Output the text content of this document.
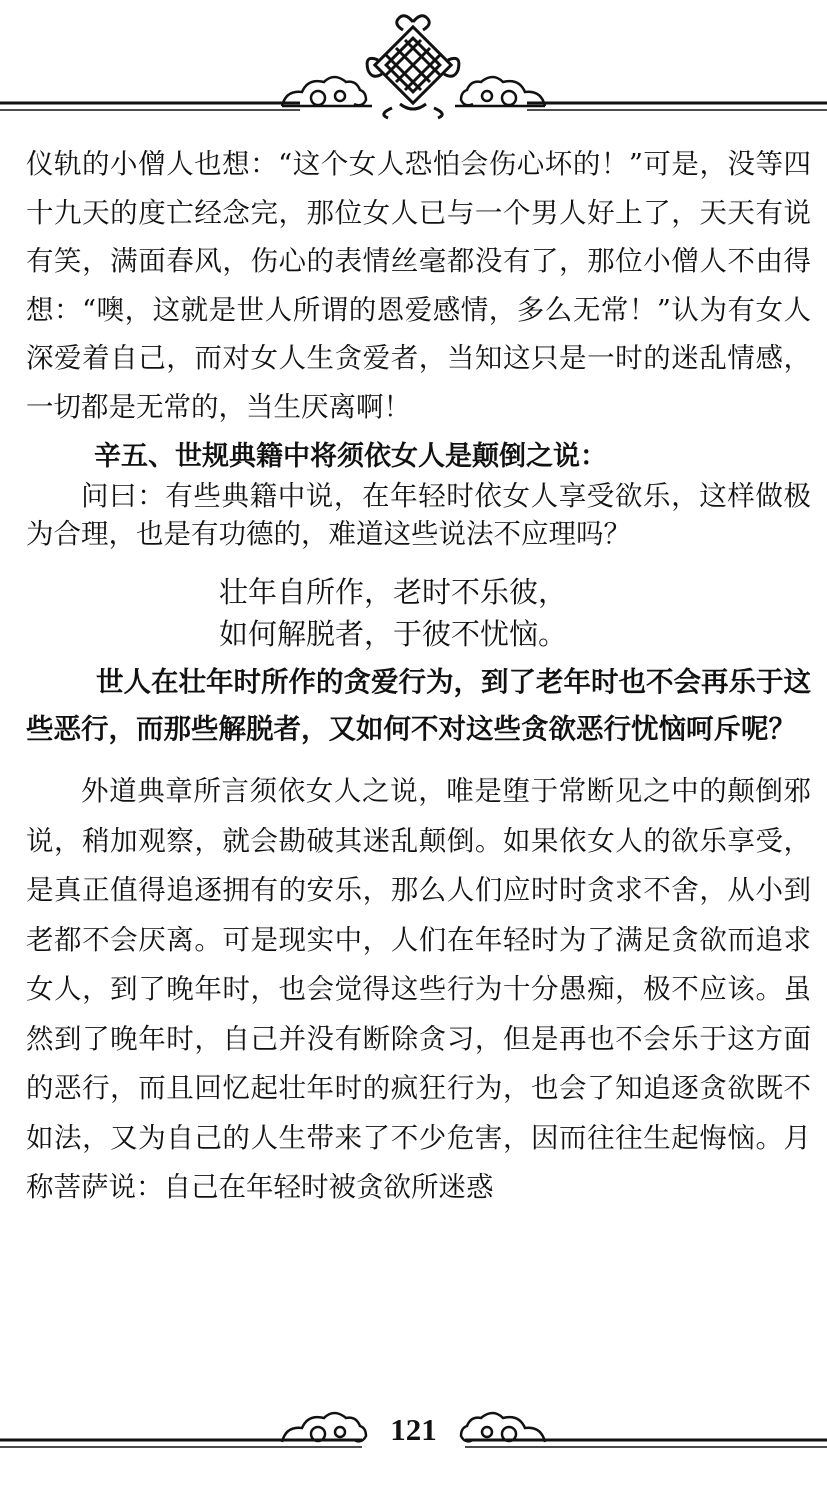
仪轨的小僧人也想：“这个女人恐怕会伤心坏的！”可是，没等四十九天的度亡经念完，那位女人已与一个男人好上了，天天有说有笑，满面春风，伤心的表情丝毫都没有了，那位小僧人不由得想：“噢，这就是世人所谓的恩爱感情，多么无常！”认为有女人深爱着自己，而对女人生贪爱者，当知这只是一时的迷乱情感，一切都是无常的，当生厌离啊！

辛五、世规典籍中将须依女人是颠倒之说：

问曰：有些典籍中说，在年轻时依女人享受欲乐，这样做极为合理，也是有功德的，难道这些说法不应理吗？

壮年自所作，老时不乐彼，
如何解脱者，于彼不忧恼。

世人在壮年时所作的贪爱行为，到了老年时也不会再乐于这些恶行，而那些解脱者，又如何不对这些贪欲恶行忧恼呵斥呢？

外道典章所言须依女人之说，唯是堕于常断见之中的颠倒邪说，稍加观察，就会勘破其迷乱颠倒。如果依女人的欲乐享受，是真正值得追逐拥有的安乐，那么人们应时时贪求不舍，从小到老都不会厌离。可是现实中，人们在年轻时为了满足贪欲而追求女人，到了晚年时，也会觉得这些行为十分愚痴，极不应该。虽然到了晚年时，自己并没有断除贪习，但是再也不会乐于这方面的恶行，而且回忆起壮年时的疯狂行为，也会了知追逐贪欲既不如法，又为自己的人生带来了不少危害，因而往往生起悔恼。月称菩萨说：自己在年轻时被贪欲所迷惑

121
